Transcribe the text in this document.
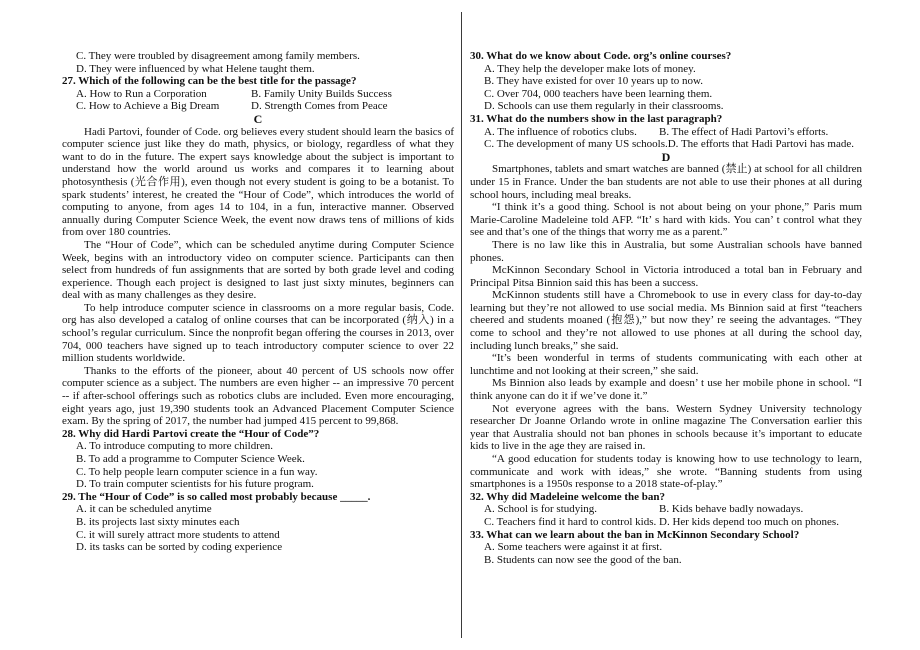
C. They were troubled by disagreement among family members.
D. They were influenced by what Helene taught them.
27. Which of the following can be the best title for the passage?
A. How to Run a Corporation	B. Family Unity Builds Success
C. How to Achieve a Big Dream	D. Strength Comes from Peace
C
Hadi Partovi, founder of Code. org believes every student should learn the basics of computer science just like they do math, physics, or biology, regardless of what they want to do in the future. The expert says knowledge about the subject is important to understand how the world around us works and compares it to learning about photosynthesis (光合作用), even though not every student is going to be a botanist. To spark students’ interest, he created the “Hour of Code”, which introduces the world of computing to anyone, from ages 14 to 104, in a fun, interactive manner. Observed annually during Computer Science Week, the event now draws tens of millions of kids from over 180 countries.
The “Hour of Code”, which can be scheduled anytime during Computer Science Week, begins with an introductory video on computer science. Participants can then select from hundreds of fun assignments that are sorted by both grade level and coding experience. Though each project is designed to last just sixty minutes, beginners can deal with as many challenges as they desire.
To help introduce computer science in classrooms on a more regular basis, Code. org has also developed a catalog of online courses that can be incorporated (纳入) in a school’s regular curriculum. Since the nonprofit began offering the courses in 2013, over 704, 000 teachers have signed up to teach introductory computer science to over 22 million students worldwide.
Thanks to the efforts of the pioneer, about 40 percent of US schools now offer computer science as a subject. The numbers are even higher -- an impressive 70 percent -- if after-school offerings such as robotics clubs are included. Even more encouraging, eight years ago, just 19,390 students took an Advanced Placement Computer Science exam. By the spring of 2017, the number had jumped 415 percent to 99,868.
28. Why did Hardi Partovi create the “Hour of Code”?
A. To introduce computing to more children.
B. To add a programme to Computer Science Week.
C. To help people learn computer science in a fun way.
D. To train computer scientists for his future program.
29. The “Hour of Code” is so called most probably because _____.
A. it can be scheduled anytime
B. its projects last sixty minutes each
C. it will surely attract more students to attend
D. its tasks can be sorted by coding experience
30. What do we know about Code. org’s online courses?
A. They help the developer make lots of money.
B. They have existed for over 10 years up to now.
C. Over 704, 000 teachers have been learning them.
D. Schools can use them regularly in their classrooms.
31. What do the numbers show in the last paragraph?
A. The influence of robotics clubs. B. The effect of Hadi Partovi’s efforts.
C. The development of many US schools.D. The efforts that Hadi Partovi has made.
D
Smartphones, tablets and smart watches are banned (禁止) at school for all children under 15 in France. Under the ban students are not able to use their phones at all during school hours, including meal breaks.
“I think it’s a good thing. School is not about being on your phone,” Paris mum Marie-Caroline Madeleine told AFP. “It’ s hard with kids. You can’ t control what they see and that’s one of the things that worry me as a parent.”
There is no law like this in Australia, but some Australian schools have banned phones.
McKinnon Secondary School in Victoria introduced a total ban in February and Principal Pitsa Binnion said this has been a success.
McKinnon students still have a Chromebook to use in every class for day-to-day learning but they’re not allowed to use social media. Ms Binnion said at first “teachers cheered and students moaned (抱怨),” but now they’ re seeing the advantages. “They come to school and they’re not allowed to use phones at all during the school day, including lunch breaks,” she said.
“It’s been wonderful in terms of students communicating with each other at lunchtime and not looking at their screen,” she said.
Ms Binnion also leads by example and doesn’ t use her mobile phone in school. “I think anyone can do it if we’ve done it.”
Not everyone agrees with the bans. Western Sydney University technology researcher Dr Joanne Orlando wrote in online magazine The Conversation earlier this year that Australia should not ban phones in schools because it’s important to educate kids to live in the age they are raised in.
“A good education for students today is knowing how to use technology to learn, communicate and work with ideas,” she wrote. “Banning students from using smartphones is a 1950s response to a 2018 state-of-play.”
32. Why did Madeleine welcome the ban?
A. School is for studying.	B. Kids behave badly nowadays.
C. Teachers find it hard to control kids. D. Her kids depend too much on phones.
33. What can we learn about the ban in McKinnon Secondary School?
A. Some teachers were against it at first.
B. Students can now see the good of the ban.
